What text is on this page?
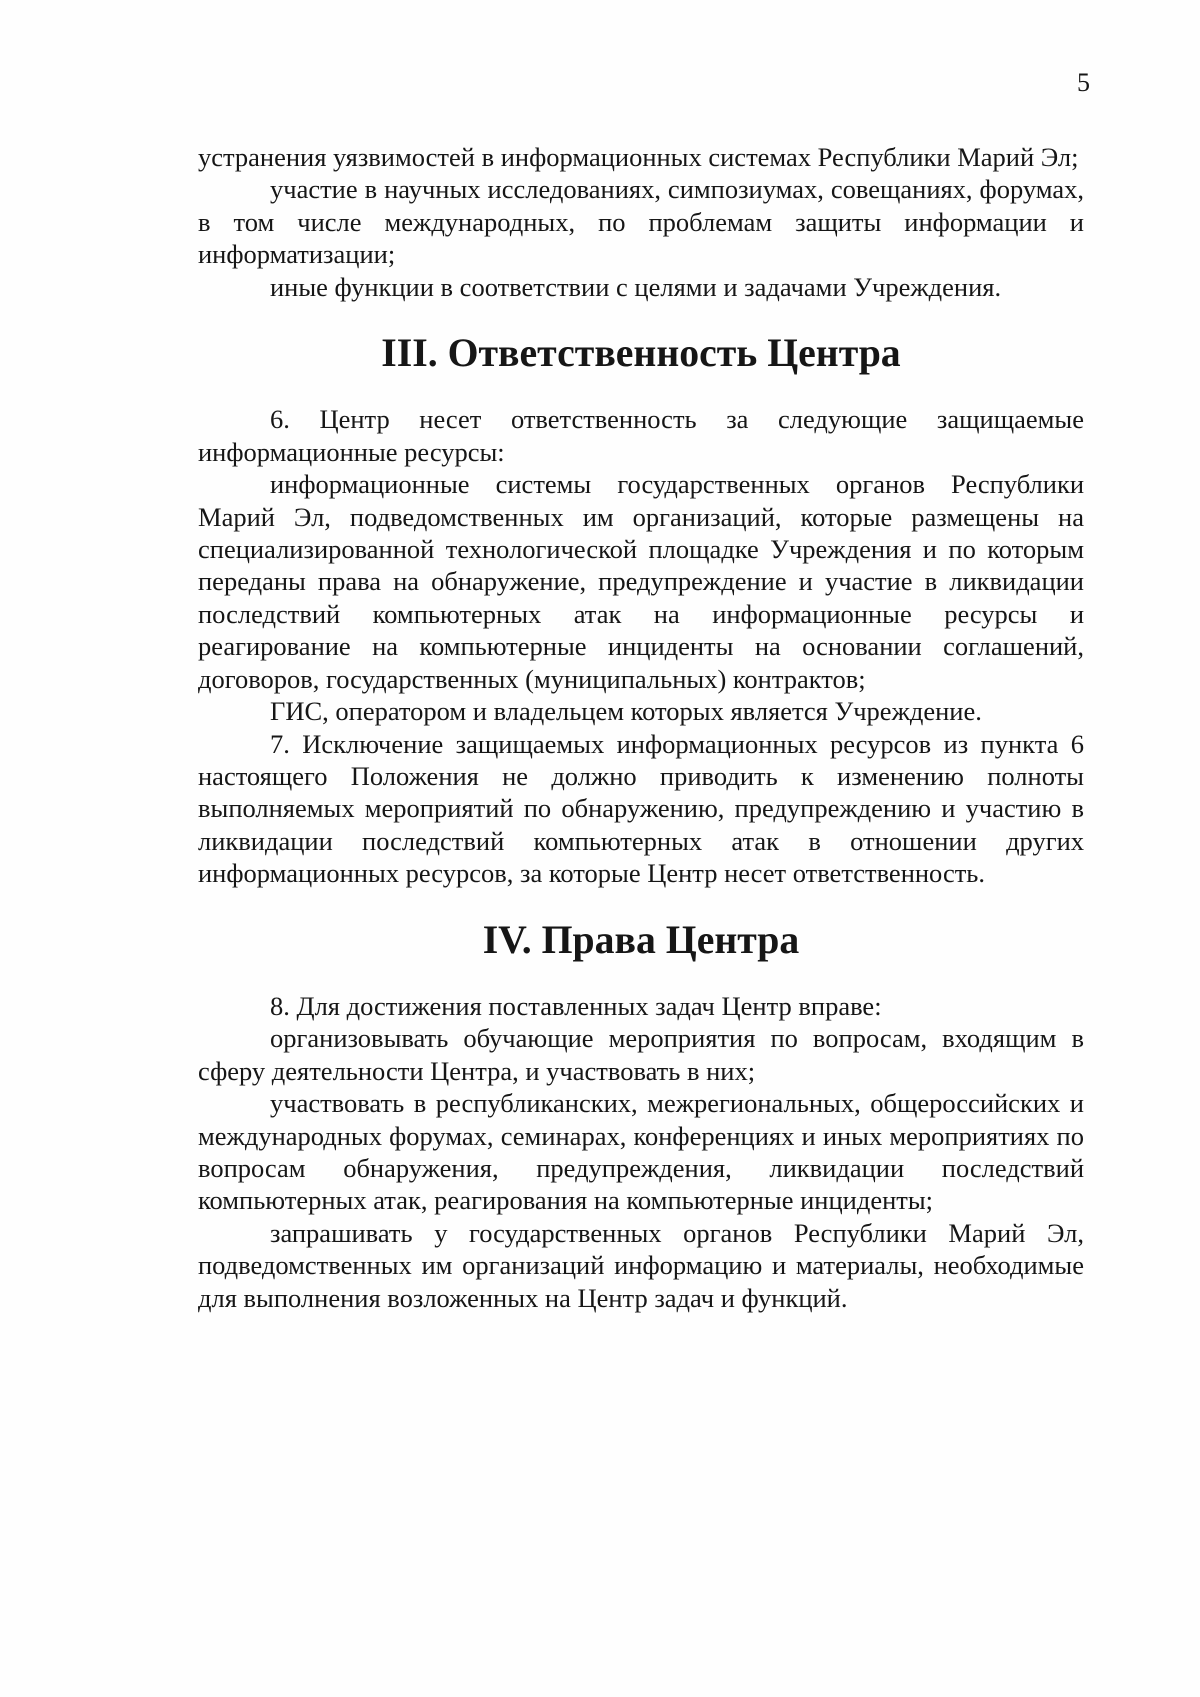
5

устранения уязвимостей в информационных системах Республики Марий Эл;

участие в научных исследованиях, симпозиумах, совещаниях, форумах, в том числе международных, по проблемам защиты информации и информатизации;

иные функции в соответствии с целями и задачами Учреждения.

III. Ответственность Центра

6. Центр несет ответственность за следующие защищаемые информационные ресурсы:

информационные системы государственных органов Республики Марий Эл, подведомственных им организаций, которые размещены на специализированной технологической площадке Учреждения и по которым переданы права на обнаружение, предупреждение и участие в ликвидации последствий компьютерных атак на информационные ресурсы и реагирование на компьютерные инциденты на основании соглашений, договоров, государственных (муниципальных) контрактов;

ГИС, оператором и владельцем которых является Учреждение.

7. Исключение защищаемых информационных ресурсов из пункта 6 настоящего Положения не должно приводить к изменению полноты выполняемых мероприятий по обнаружению, предупреждению и участию в ликвидации последствий компьютерных атак в отношении других информационных ресурсов, за которые Центр несет ответственность.

IV. Права Центра

8. Для достижения поставленных задач Центр вправе:

организовывать обучающие мероприятия по вопросам, входящим в сферу деятельности Центра, и участвовать в них;

участвовать в республиканских, межрегиональных, общероссийских и международных форумах, семинарах, конференциях и иных мероприятиях по вопросам обнаружения, предупреждения, ликвидации последствий компьютерных атак, реагирования на компьютерные инциденты;

запрашивать у государственных органов Республики Марий Эл, подведомственных им организаций информацию и материалы, необходимые для выполнения возложенных на Центр задач и функций.
